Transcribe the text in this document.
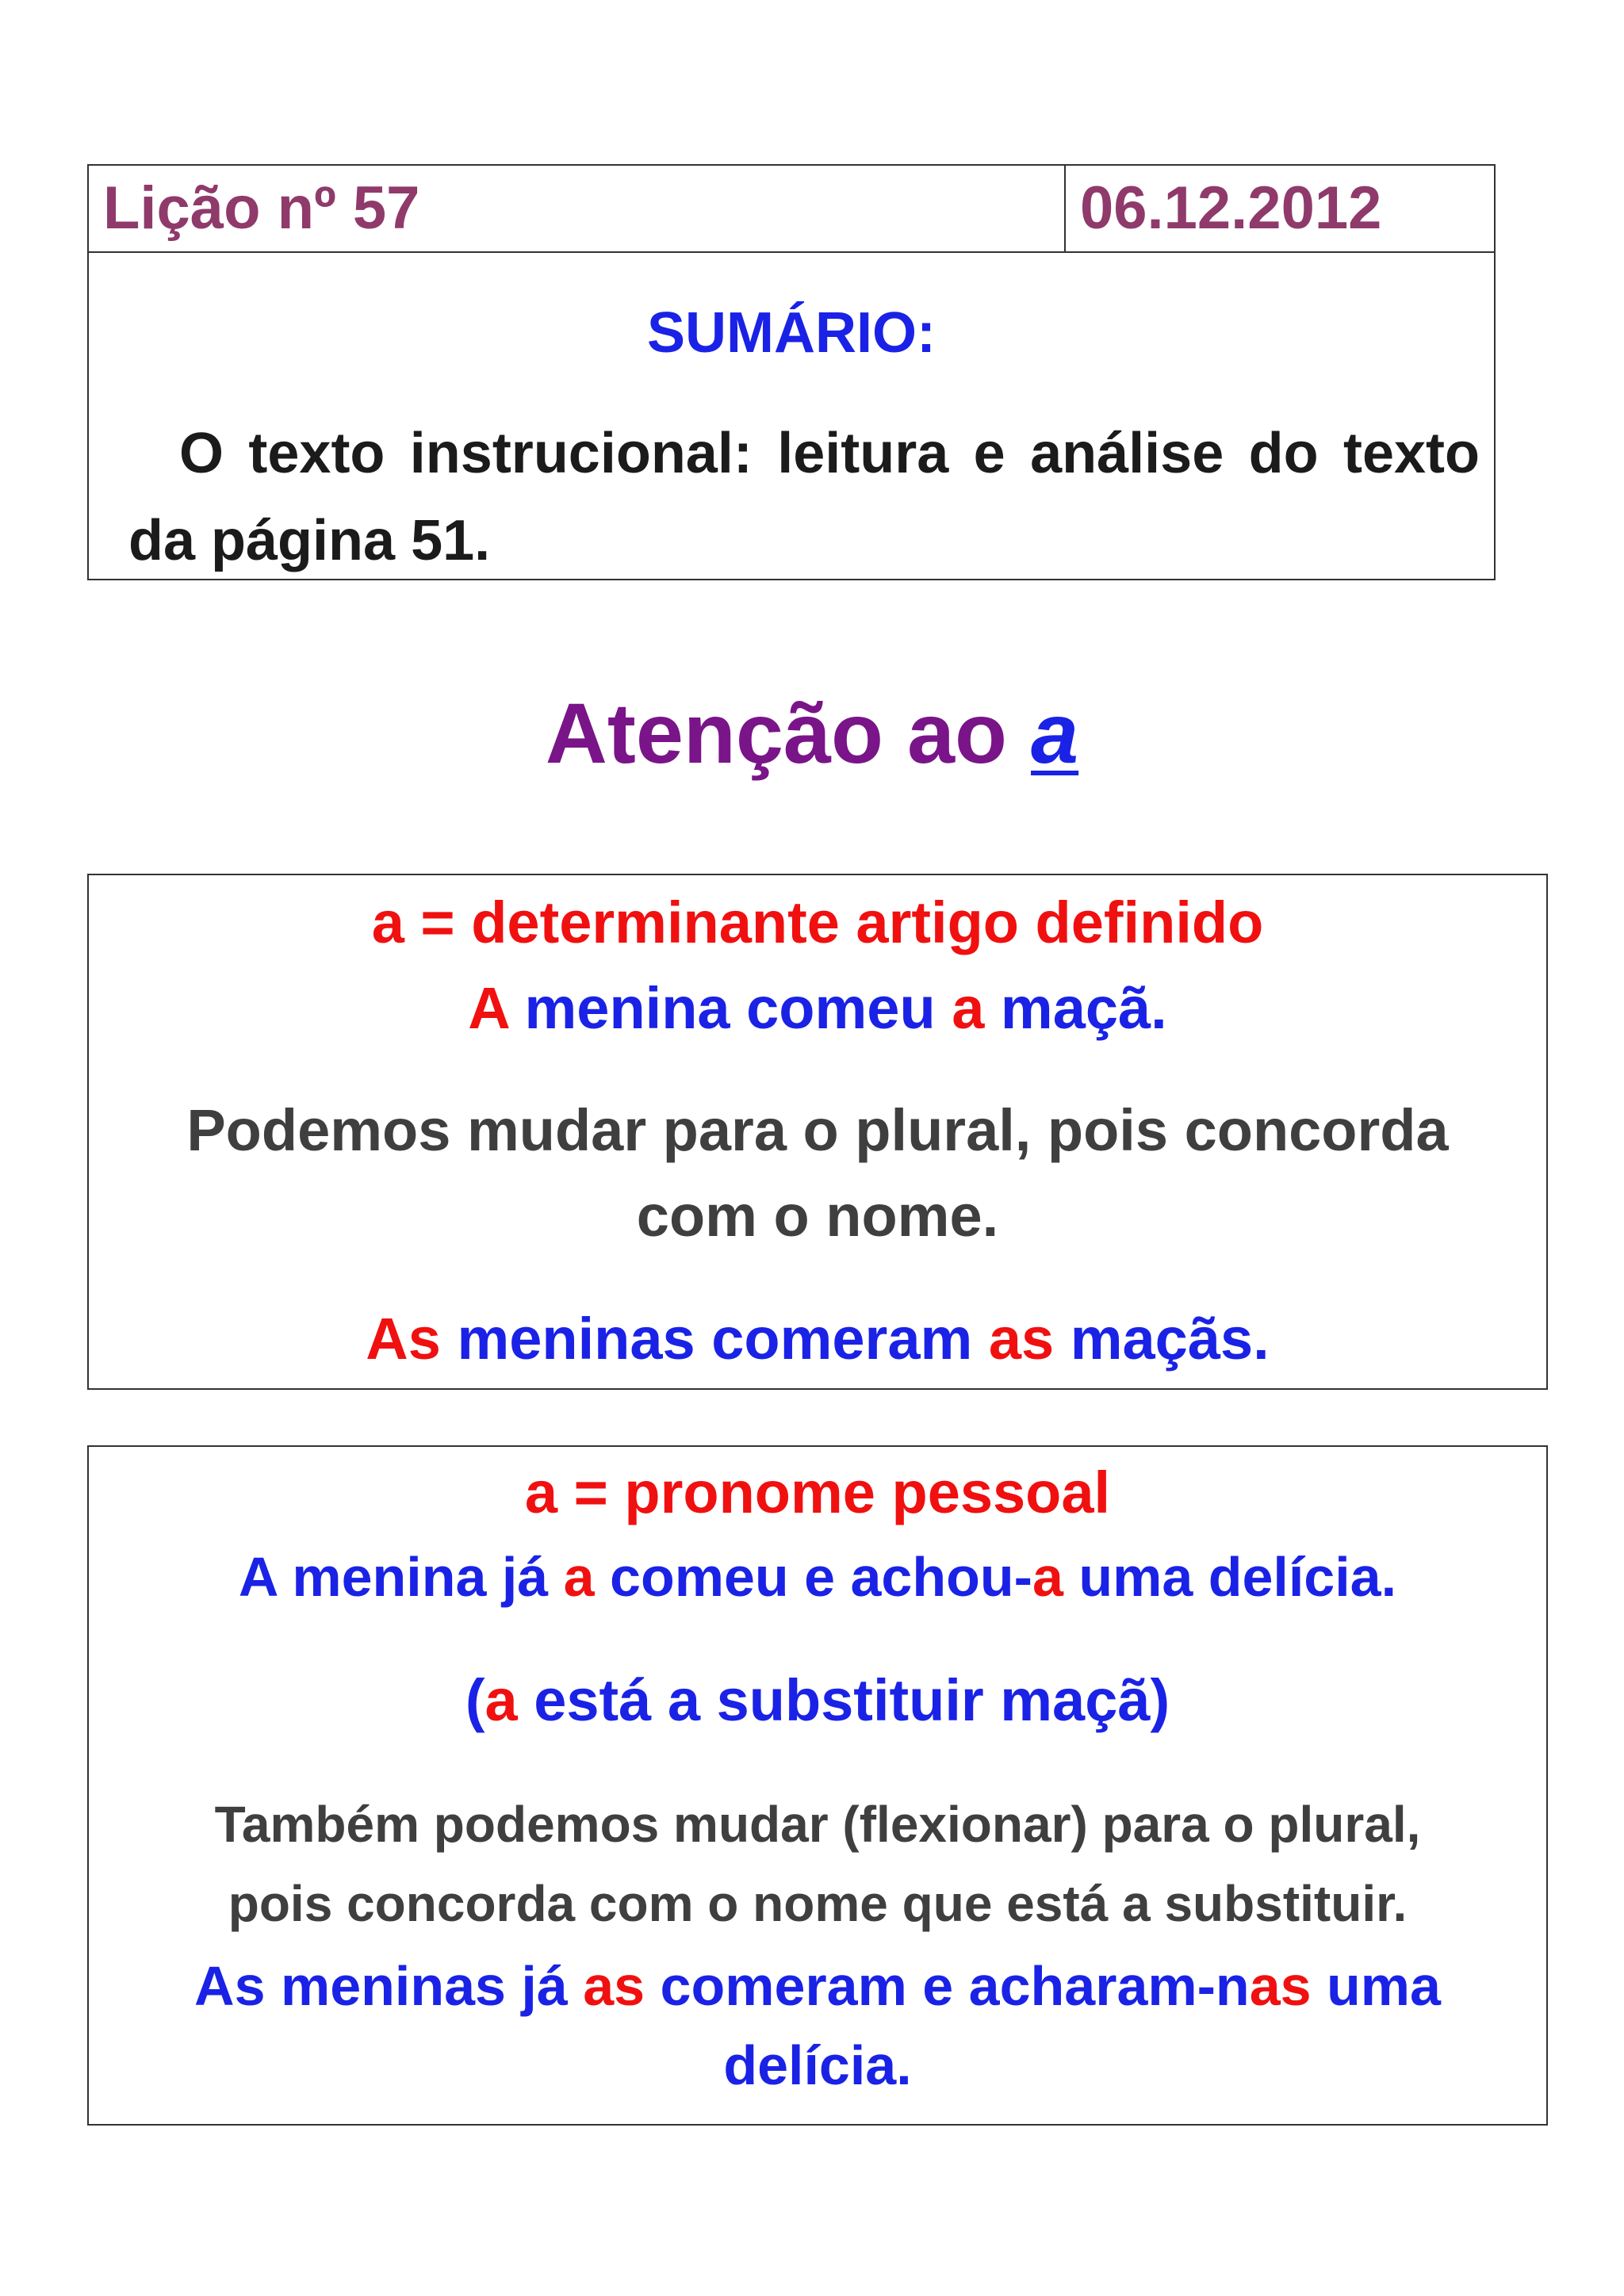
Lição nº 57	06.12.2012
SUMÁRIO:
O texto instrucional: leitura e análise do texto da página 51.
Atenção ao a
a = determinante artigo definido
A menina comeu a maçã.
Podemos mudar para o plural, pois concorda
com o nome.
As meninas comeram as maçãs.
a = pronome pessoal
A menina já a comeu e achou-a uma delícia.
(a está a substituir maçã)
Também podemos mudar (flexionar) para o plural,
pois concorda com o nome que está a substituir.
As meninas já as comeram e acharam-nas uma
delícia.
